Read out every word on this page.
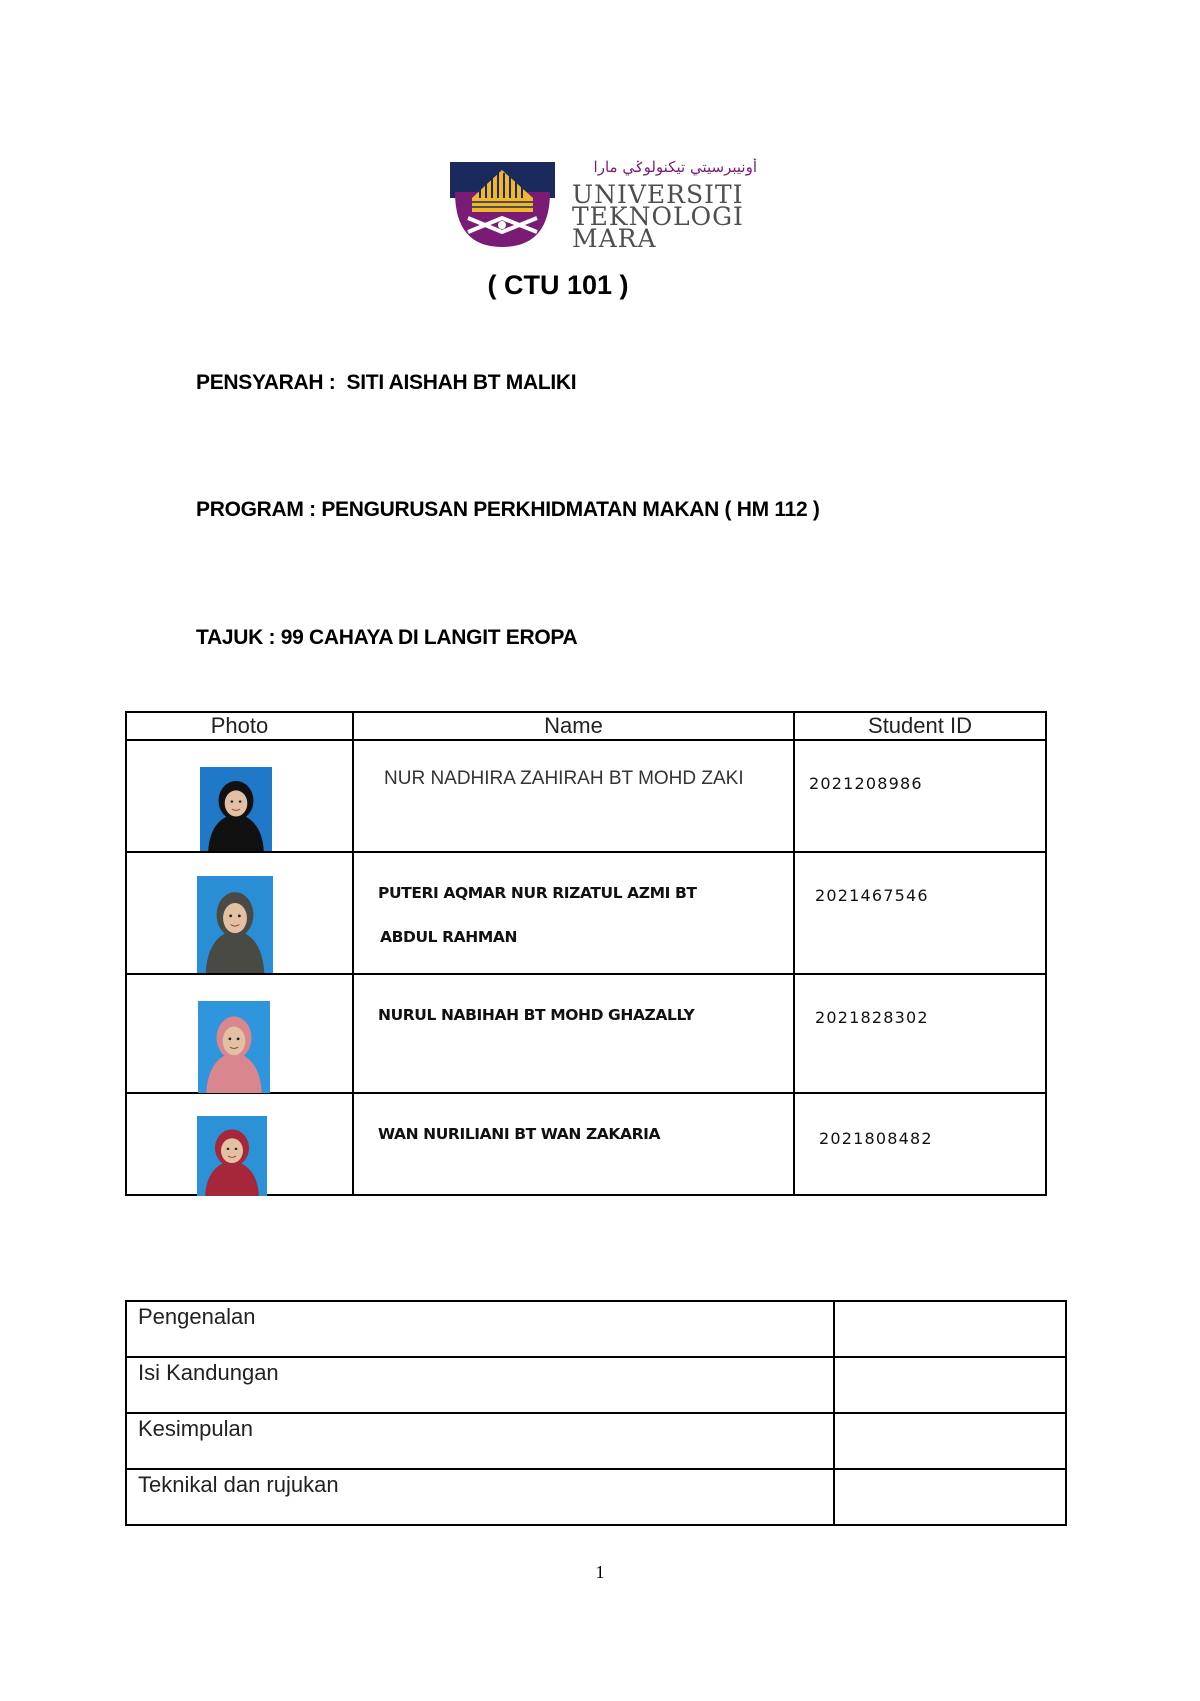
أونيبرسيتي تيكنولوݢي مارا
UNIVERSITI
TEKNOLOGI
MARA
( CTU 101 )
PENSYARAH : SITI AISHAH BT MALIKI
PROGRAM : PENGURUSAN PERKHIDMATAN MAKAN ( HM 112 )
TAJUK : 99 CAHAYA DI LANGIT EROPA
Photo	Name	Student ID

NUR NADHIRA ZAHIRAH BT MOHD ZAKI	2021208986

PUTERI AQMAR NUR RIZATUL AZMI BT
ABDUL RAHMAN	2021467546

NURUL NABIHAH BT MOHD GHAZALLY	2021828302

WAN NURILIANI BT WAN ZAKARIA	2021808482
Pengenalan	
Isi Kandungan	
Kesimpulan	
Teknikal dan rujukan	
1
